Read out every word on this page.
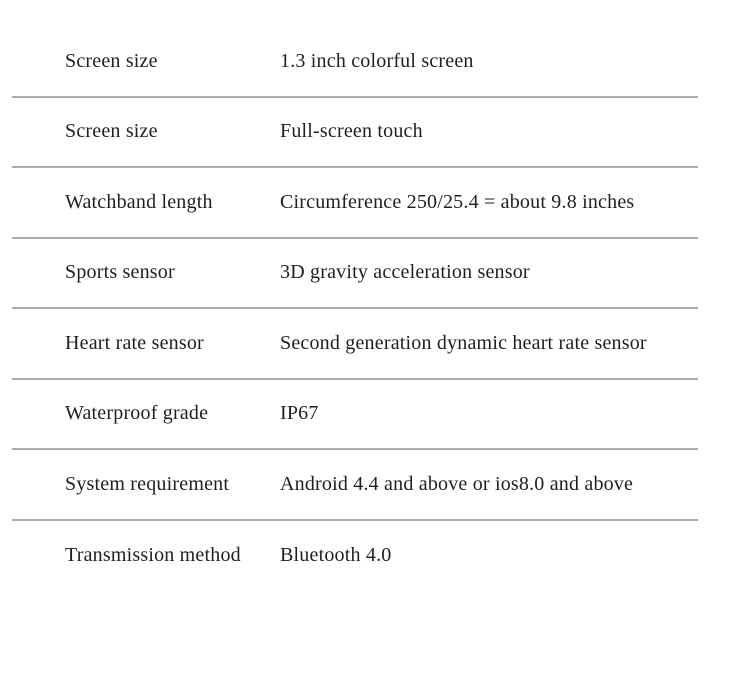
Screen size	1.3 inch colorful screen
Screen size	Full-screen touch
Watchband length	Circumference 250/25.4 = about 9.8 inches
Sports sensor	3D gravity acceleration sensor
Heart rate sensor	Second generation dynamic heart rate sensor
Waterproof grade	IP67
System requirement	Android 4.4 and above or ios8.0 and above
Transmission method	Bluetooth 4.0
